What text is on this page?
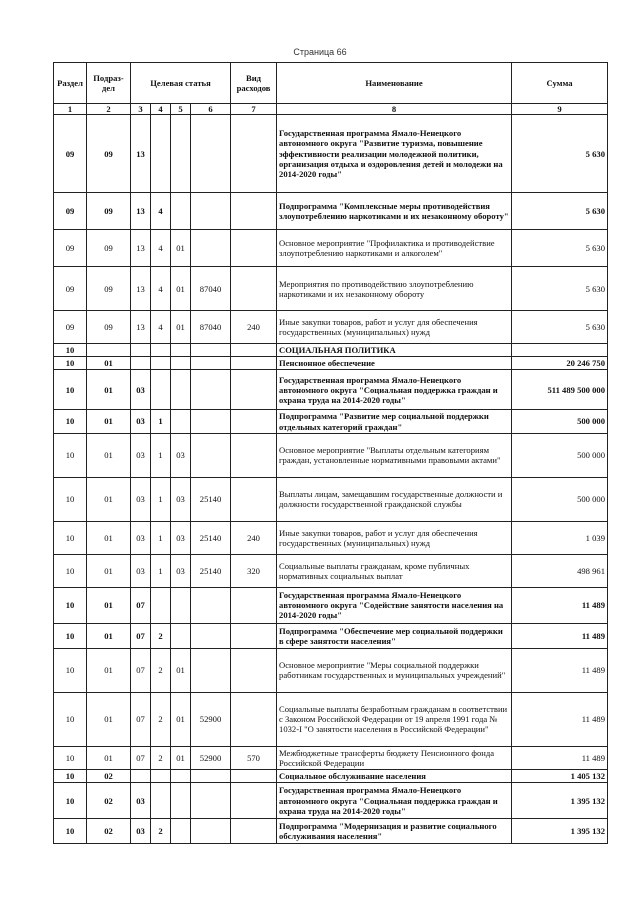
Страница 66
Раздел	Подраз-дел	Целевая статья				Вид расходов	Наименование	Сумма
1	2	3	4	5	6	7	8	9
09	09	13					Государственная программа Ямало-Ненецкого автономного округа "Развитие туризма, повышение эффективности реализации молодежной политики, организация отдыха и оздоровления детей и молодежи на 2014-2020 годы"	5 630
09	09	13	4				Подпрограмма "Комплексные меры противодействия злоупотреблению наркотиками и их незаконному обороту"	5 630
09	09	13	4	01			Основное мероприятие "Профилактика и противодействие злоупотреблению наркотиками и алкоголем"	5 630
09	09	13	4	01	87040		Мероприятия по противодействию злоупотреблению наркотиками и их незаконному обороту	5 630
09	09	13	4	01	87040	240	Иные закупки товаров, работ и услуг для обеспечения государственных (муниципальных) нужд	5 630
10							СОЦИАЛЬНАЯ ПОЛИТИКА	
10	01						Пенсионное обеспечение	20 246 750
10	01	03					Государственная программа Ямало-Ненецкого автономного округа "Социальная поддержка граждан и охрана труда на 2014-2020 годы"	511 489 500 000
10	01	03	1				Подпрограмма "Развитие мер социальной поддержки отдельных категорий граждан"	500 000
10	01	03	1	03			Основное мероприятие "Выплаты отдельным категориям граждан, установленные нормативными правовыми актами"	500 000
10	01	03	1	03	25140		Выплаты лицам, замещавшим государственные должности и должности государственной гражданской службы	500 000
10	01	03	1	03	25140	240	Иные закупки товаров, работ и услуг для обеспечения государственных (муниципальных) нужд	1 039
10	01	03	1	03	25140	320	Социальные выплаты гражданам, кроме публичных нормативных социальных выплат	498 961
10	01	07					Государственная программа Ямало-Ненецкого автономного округа "Содействие занятости населения на 2014-2020 годы"	11 489
10	01	07	2				Подпрограмма "Обеспечение мер социальной поддержки в сфере занятости населения"	11 489
10	01	07	2	01			Основное мероприятие "Меры социальной поддержки работникам государственных и муниципальных учреждений"	11 489
10	01	07	2	01	52900		Социальные выплаты безработным гражданам в соответствии с Законом Российской Федерации от 19 апреля 1991 года № 1032-I "О занятости населения в Российской Федерации"	11 489
10	01	07	2	01	52900	570	Межбюджетные трансферты бюджету Пенсионного фонда Российской Федерации	11 489
10	02						Социальное обслуживание населения	1 405 132
10	02	03					Государственная программа Ямало-Ненецкого автономного округа "Социальная поддержка граждан и охрана труда на 2014-2020 годы"	1 395 132
10	02	03	2				Подпрограмма "Модернизация и развитие социального обслуживания населения"	1 395 132
